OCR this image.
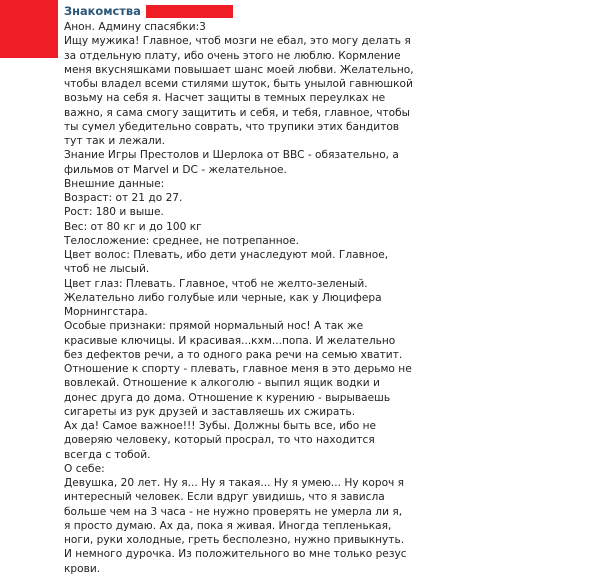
Знакомства
Анон. Админу спасябки:3
Ищу мужика! Главное, чтоб мозги не ебал, это могу делать я
за отдельную плату, ибо очень этого не люблю. Кормление
меня вкусняшками повышает шанс моей любви. Желательно,
чтобы владел всеми стилями шуток, быть унылой гавнюшкой
возьму на себя я. Насчет защиты в темных переулках не
важно, я сама смогу защитить и себя, и тебя, главное, чтобы
ты сумел убедительно соврать, что трупики этих бандитов
тут так и лежали.
Знание Игры Престолов и Шерлока от BBC - обязательно, а
фильмов от Marvel и DC - желательное.
Внешние данные:
Возраст: от 21 до 27.
Рост: 180 и выше.
Вес: от 80 кг и до 100 кг
Телосложение: среднее, не потрепанное.
Цвет волос: Плевать, ибо дети унаследуют мой. Главное,
чтоб не лысый.
Цвет глаз: Плевать. Главное, чтоб не желто-зеленый.
Желательно либо голубые или черные, как у Люцифера
Морнингстара.
Особые признаки: прямой нормальный нос! А так же
красивые ключицы. И красивая...кхм...попа. И желательно
без дефектов речи, а то одного рака речи на семью хватит.
Отношение к спорту - плевать, главное меня в это дерьмо не
вовлекай. Отношение к алкоголю - выпил ящик водки и
донес друга до дома. Отношение к курению - вырываешь
сигареты из рук друзей и заставляешь их сжирать.
Ах да! Самое важное!!! Зубы. Должны быть все, ибо не
доверяю человеку, который просрал, то что находится
всегда с тобой.
О себе:
Девушка, 20 лет. Ну я... Ну я такая... Ну я умею... Ну короч я
интересный человек. Если вдруг увидишь, что я зависла
больше чем на 3 часа - не нужно проверять не умерла ли я,
я просто думаю. Ах да, пока я живая. Иногда тепленькая,
ноги, руки холодные, греть бесполезно, нужно привыкнуть.
И немного дурочка. Из положительного во мне только резус
крови.
